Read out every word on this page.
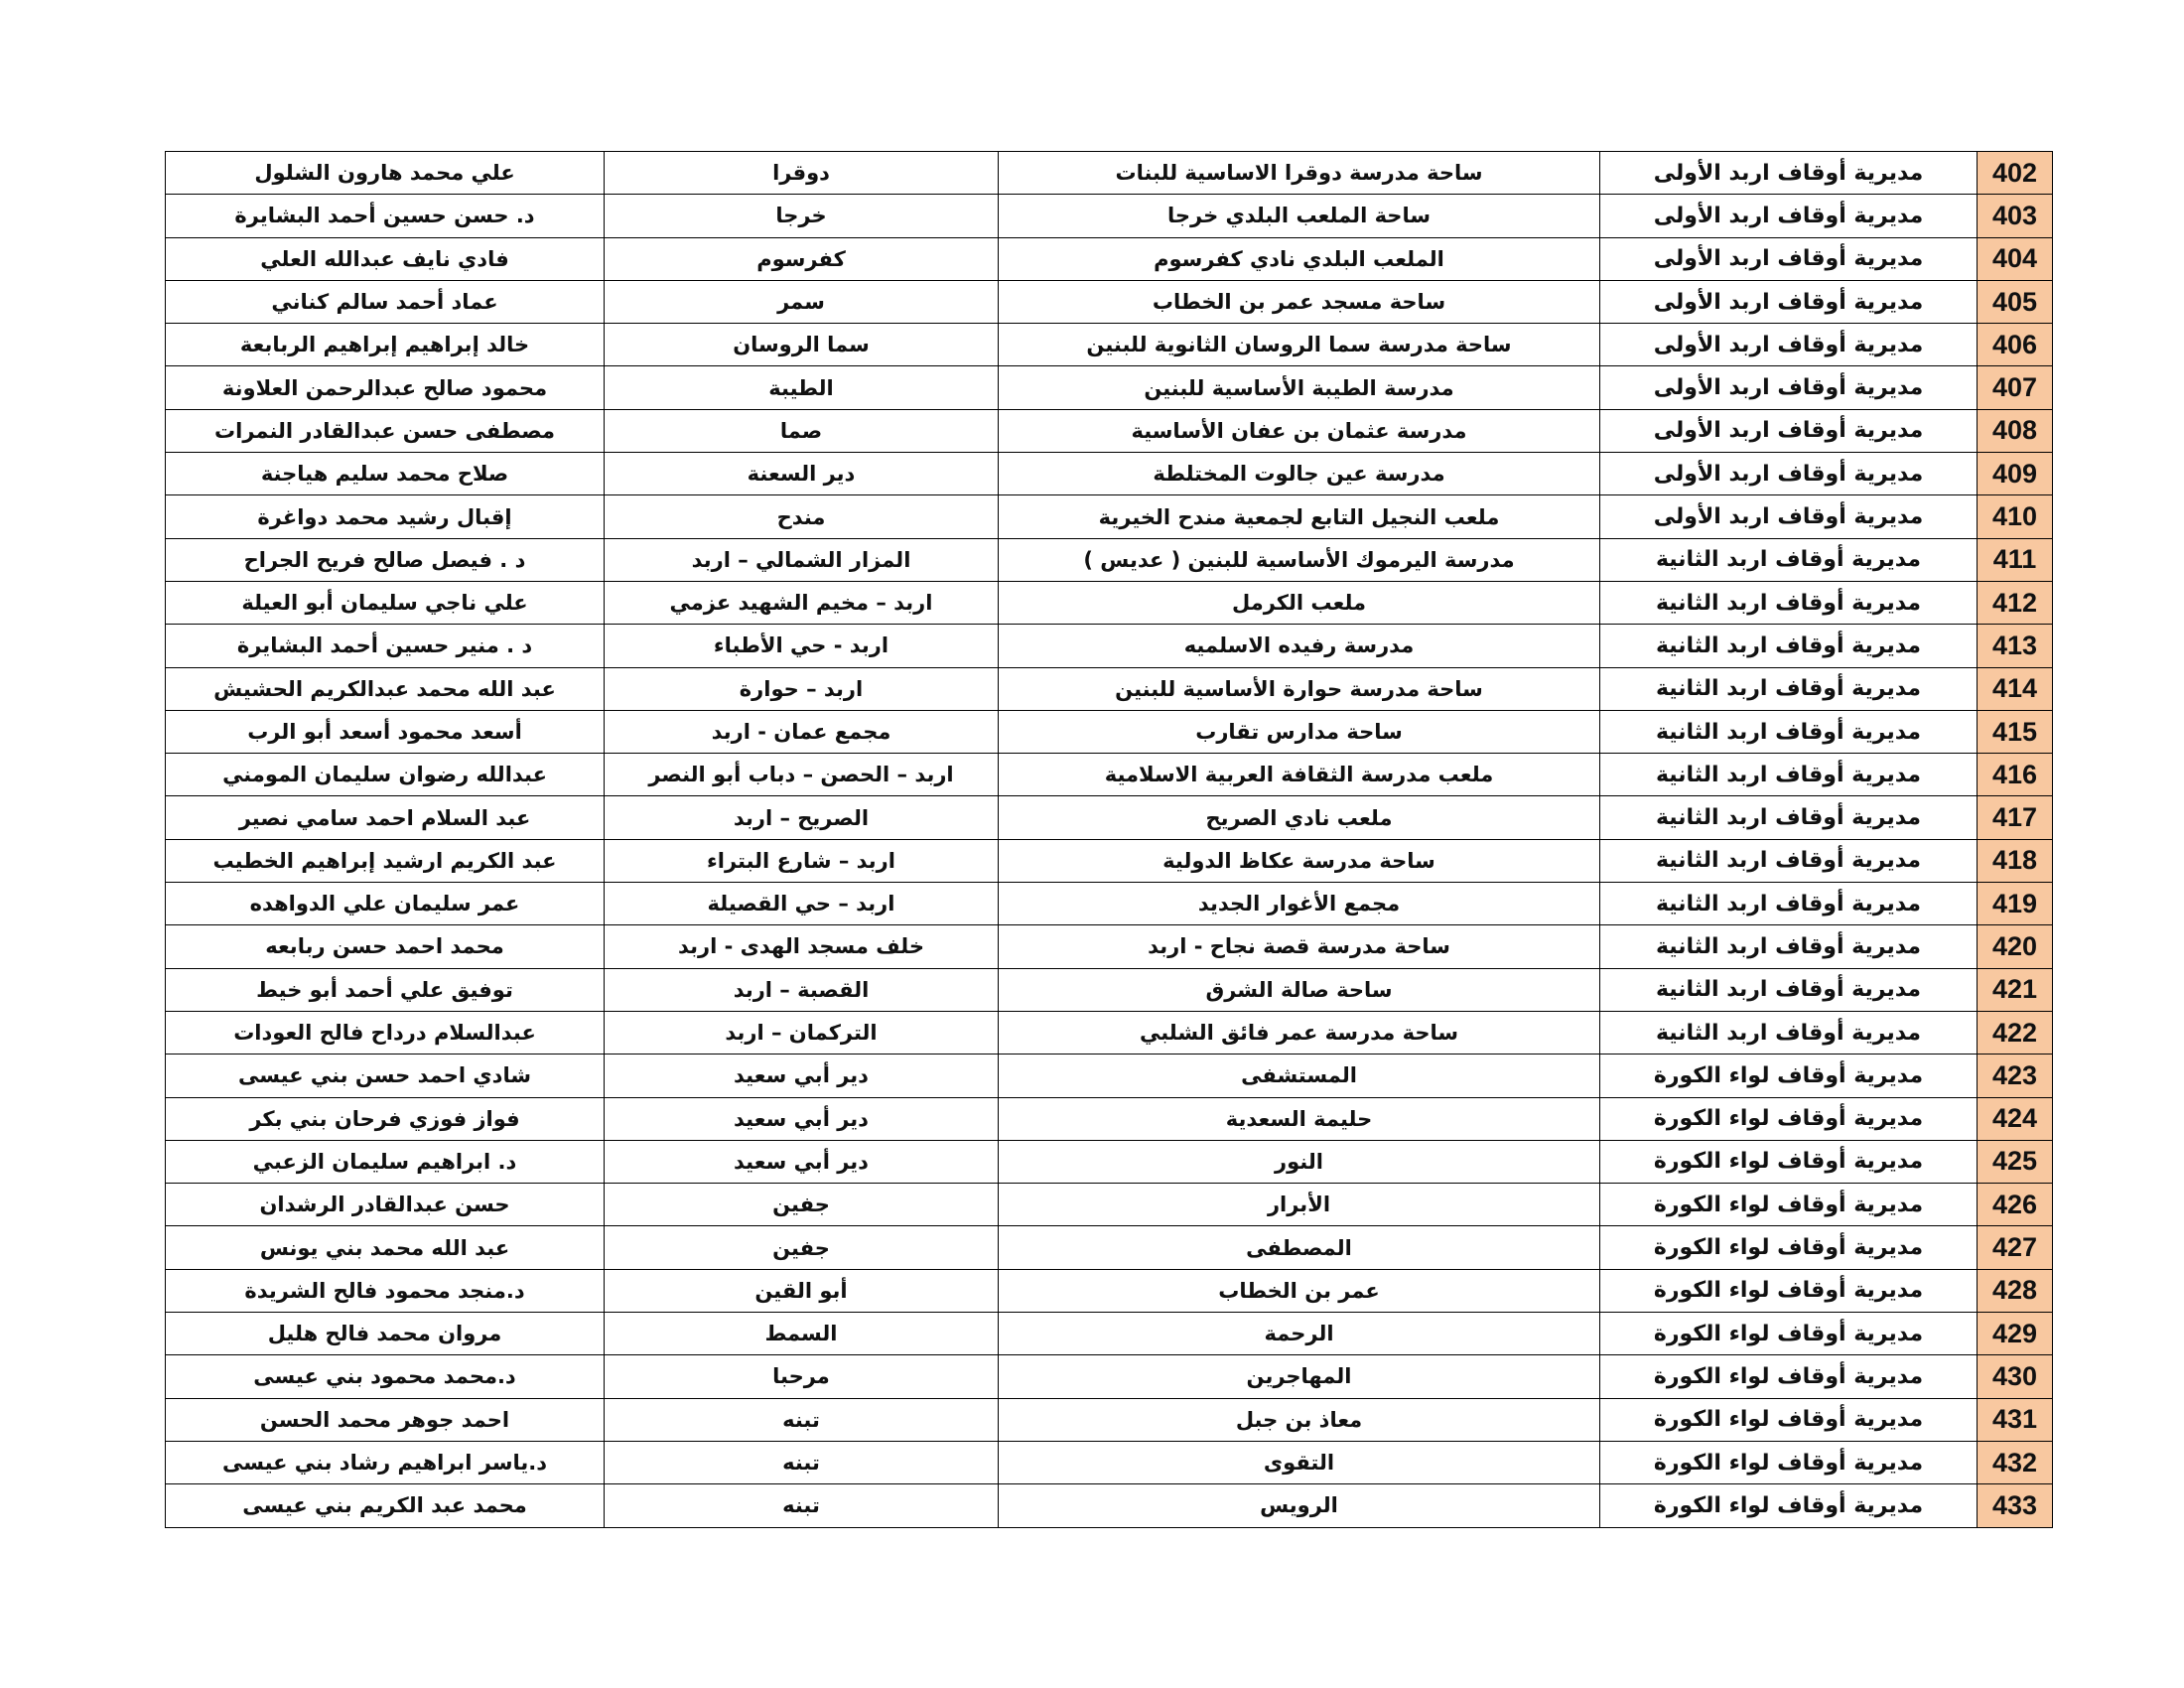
402	مديرية أوقاف اربد الأولى	ساحة مدرسة دوقرا الاساسية للبنات	دوقرا	علي محمد هارون الشلول
403	مديرية أوقاف اربد الأولى	ساحة الملعب البلدي خرجا	خرجا	د. حسن حسين أحمد البشايرة
404	مديرية أوقاف اربد الأولى	الملعب البلدي نادي كفرسوم	كفرسوم	فادي نايف عبدالله العلي
405	مديرية أوقاف اربد الأولى	ساحة مسجد عمر بن الخطاب	سمر	عماد أحمد سالم كناني
406	مديرية أوقاف اربد الأولى	ساحة مدرسة سما الروسان الثانوية للبنين	سما الروسان	خالد إبراهيم إبراهيم الربابعة
407	مديرية أوقاف اربد الأولى	مدرسة الطيبة الأساسية للبنين	الطيبة	محمود صالح عبدالرحمن العلاونة
408	مديرية أوقاف اربد الأولى	مدرسة عثمان بن عفان الأساسية	صما	مصطفى حسن عبدالقادر النمرات
409	مديرية أوقاف اربد الأولى	مدرسة عين جالوت المختلطة	دير السعنة	صلاح محمد سليم هياجنة
410	مديرية أوقاف اربد الأولى	ملعب النجيل التابع لجمعية مندح الخيرية	مندح	إقبال رشيد محمد دواغرة
411	مديرية أوقاف اربد الثانية	مدرسة اليرموك الأساسية للبنين ( عديس )	المزار الشمالي – اربد	د . فيصل صالح فريح الجراح
412	مديرية أوقاف اربد الثانية	ملعب الكرمل	اربد – مخيم الشهيد عزمي	علي ناجي سليمان أبو العيلة
413	مديرية أوقاف اربد الثانية	مدرسة رفيده الاسلميه	اربد - حي الأطباء	د . منير حسين أحمد البشايرة
414	مديرية أوقاف اربد الثانية	ساحة مدرسة حوارة الأساسية للبنين	اربد – حوارة	عبد الله محمد عبدالكريم الحشيش
415	مديرية أوقاف اربد الثانية	ساحة مدارس تقارب	مجمع عمان - اربد	أسعد محمود أسعد أبو الرب
416	مديرية أوقاف اربد الثانية	ملعب مدرسة الثقافة العربية الاسلامية	اربد – الحصن – دباب أبو النصر	عبدالله رضوان سليمان المومني
417	مديرية أوقاف اربد الثانية	ملعب نادي الصريح	الصريح – اربد	عبد السلام احمد سامي نصير
418	مديرية أوقاف اربد الثانية	ساحة مدرسة عكاظ الدولية	اربد – شارع البتراء	عبد الكريم ارشيد إبراهيم الخطيب
419	مديرية أوقاف اربد الثانية	مجمع الأغوار الجديد	اربد – حي القصيلة	عمر سليمان علي الدواهده
420	مديرية أوقاف اربد الثانية	ساحة مدرسة قصة نجاح - اربد	خلف مسجد الهدى - اربد	محمد احمد حسن ربابعه
421	مديرية أوقاف اربد الثانية	ساحة صالة الشرق	القصبة – اربد	توفيق علي أحمد أبو خيط
422	مديرية أوقاف اربد الثانية	ساحة مدرسة عمر فائق الشلبي	التركمان – اربد	عبدالسلام درداح فالح العودات
423	مديرية أوقاف لواء الكورة	المستشفى	دير أبي سعيد	شادي احمد حسن بني عيسى
424	مديرية أوقاف لواء الكورة	حليمة السعدية	دير أبي سعيد	فواز فوزي فرحان بني بكر
425	مديرية أوقاف لواء الكورة	النور	دير أبي سعيد	د. ابراهيم سليمان الزعبي
426	مديرية أوقاف لواء الكورة	الأبرار	جفين	حسن عبدالقادر الرشدان
427	مديرية أوقاف لواء الكورة	المصطفى	جفين	عبد الله محمد بني يونس
428	مديرية أوقاف لواء الكورة	عمر بن الخطاب	أبو القين	د.منجد محمود فالح الشريدة
429	مديرية أوقاف لواء الكورة	الرحمة	السمط	مروان محمد فالح هليل
430	مديرية أوقاف لواء الكورة	المهاجرين	مرحبا	د.محمد محمود بني عيسى
431	مديرية أوقاف لواء الكورة	معاذ بن جبل	تبنه	احمد جوهر محمد الحسن
432	مديرية أوقاف لواء الكورة	التقوى	تبنه	د.ياسر ابراهيم رشاد بني عيسى
433	مديرية أوقاف لواء الكورة	الرويس	تبنه	محمد عبد الكريم بني عيسى
